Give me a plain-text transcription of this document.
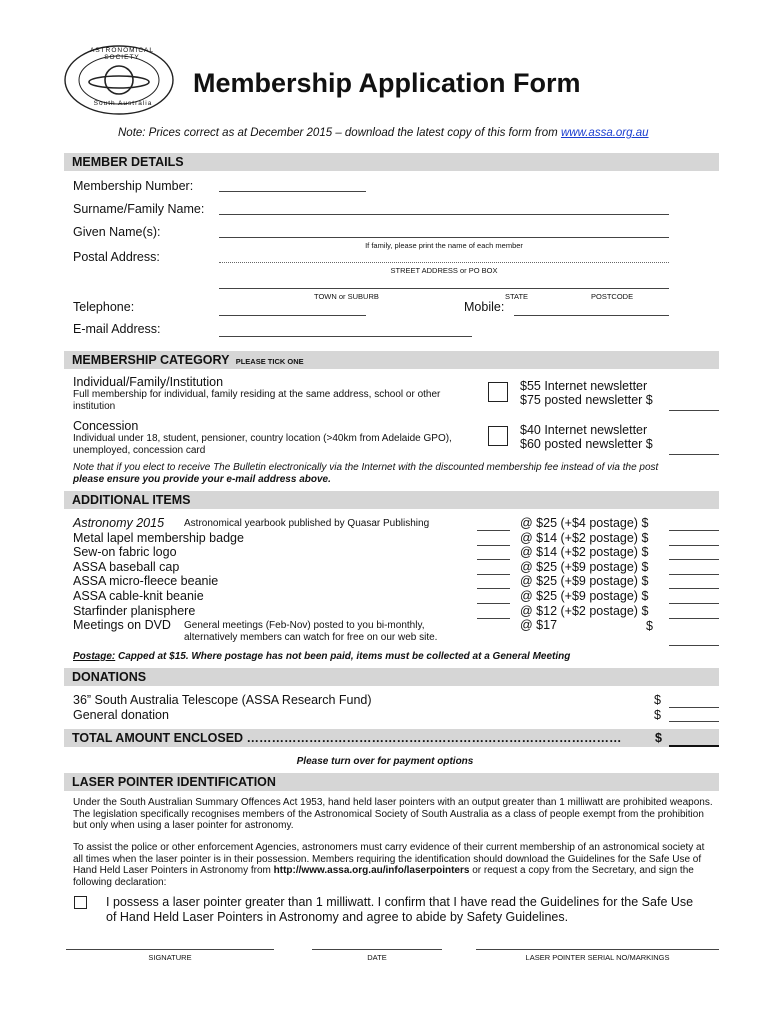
ASTRONOMICAL SOCIETY
South Australia
Membership Application Form
Note: Prices correct as at December 2015 – download the latest copy of this form from www.assa.org.au
MEMBER DETAILS
Membership Number:
Surname/Family Name:
Given Name(s):
If family, please print the name of each member
Postal Address:
STREET ADDRESS or PO BOX
TOWN or SUBURB	STATE	POSTCODE
Telephone:	Mobile:
E-mail Address:
MEMBERSHIP CATEGORY PLEASE TICK ONE
Individual/Family/Institution
Full membership for individual, family residing at the same address, school or other institution
$55 Internet newsletter
$75 posted newsletter $
Concession
Individual under 18, student, pensioner, country location (>40km from Adelaide GPO), unemployed, concession card
$40 Internet newsletter
$60 posted newsletter $
Note that if you elect to receive The Bulletin electronically via the Internet with the discounted membership fee instead of via the post please ensure you provide your e-mail address above.
ADDITIONAL ITEMS
Astronomy 2015 Astronomical yearbook published by Quasar Publishing	@ $25 (+$4 postage) $
Metal lapel membership badge	@ $14 (+$2 postage) $
Sew-on fabric logo	@ $14 (+$2 postage) $
ASSA baseball cap	@ $25 (+$9 postage) $
ASSA micro-fleece beanie	@ $25 (+$9 postage) $
ASSA cable-knit beanie	@ $25 (+$9 postage) $
Starfinder planisphere	@ $12 (+$2 postage) $
Meetings on DVD General meetings (Feb-Nov) posted to you bi-monthly,	@ $17
alternatively members can watch for free on our web site.
$
Postage: Capped at $15. Where postage has not been paid, items must be collected at a General Meeting
DONATIONS
36” South Australia Telescope (ASSA Research Fund)	$
General donation	$
TOTAL AMOUNT ENCLOSED ………………………………………………………………………………	$
Please turn over for payment options
LASER POINTER IDENTIFICATION
Under the South Australian Summary Offences Act 1953, hand held laser pointers with an output greater than 1 milliwatt are prohibited weapons. The legislation specifically recognises members of the Astronomical Society of South Australia as a class of people exempt from the prohibition but only when using a laser pointer for astronomy.
To assist the police or other enforcement Agencies, astronomers must carry evidence of their current membership of an astronomical society at all times when the laser pointer is in their possession. Members requiring the identification should download the Guidelines for the Safe Use of Hand Held Laser Pointers in Astronomy from http://www.assa.org.au/info/laserpointers or request a copy from the Secretary, and sign the following declaration:
I possess a laser pointer greater than 1 milliwatt. I confirm that I have read the Guidelines for the Safe Use of Hand Held Laser Pointers in Astronomy and agree to abide by Safety Guidelines.
SIGNATURE	DATE	LASER POINTER SERIAL NO/MARKINGS
